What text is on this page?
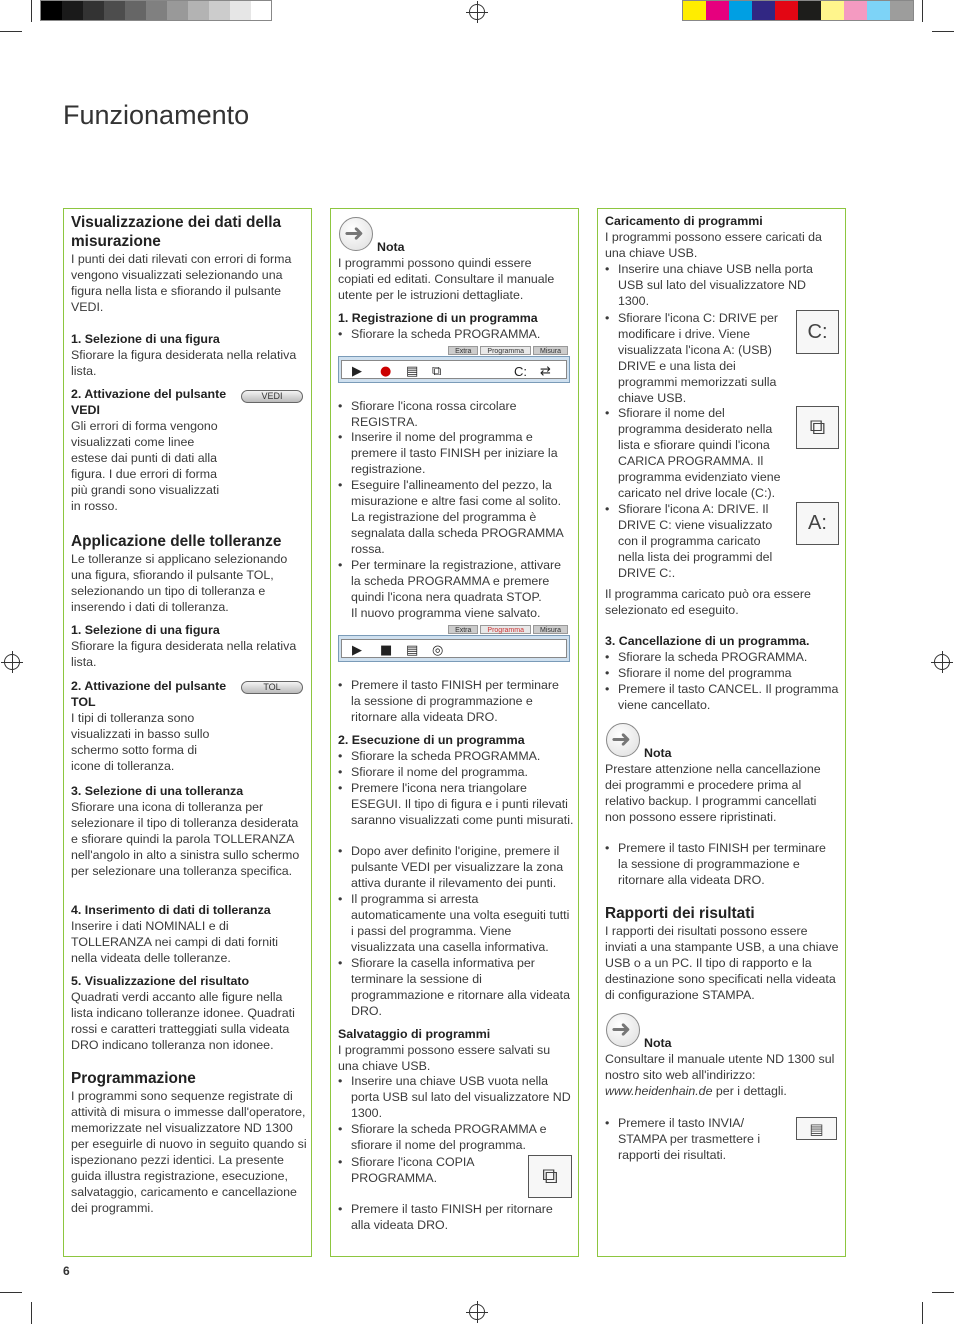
Funzionamento
Visualizzazione dei dati della misurazione
I punti dei dati rilevati con errori di forma vengono visualizzati selezionando una figura nella lista e sfiorando il pulsante VEDI.
1. Selezione di una figura
Sfiorare la figura desiderata nella relativa lista.
2. Attivazione del pulsante VEDI
VEDI
Gli errori di forma vengono visualizzati come linee estese dai punti di dati alla figura. I due errori di forma più grandi sono visualizzati in rosso.
Applicazione delle tolleranze
Le tolleranze si applicano selezionando una figura, sfiorando il pulsante TOL, selezionando un tipo di tolleranza e inserendo i dati di tolleranza.
1. Selezione di una figura
Sfiorare la figura desiderata nella relativa lista.
2. Attivazione del pulsante TOL
TOL
I tipi di tolleranza sono visualizzati in basso sullo schermo sotto forma di icone di tolleranza.
3. Selezione di una tolleranza
Sfiorare una icona di tolleranza per selezionare il tipo di tolleranza desiderata e sfiorare quindi la parola TOLLERANZA nell'angolo in alto a sinistra sullo schermo per selezionare una tolleranza specifica.
4. Inserimento di dati di tolleranza
Inserire i dati NOMINALI e di TOLLERANZA nei campi di dati forniti nella videata delle tolleranze.
5. Visualizzazione del risultato
Quadrati verdi accanto alle figure nella lista indicano tolleranze idonee. Quadrati rossi e caratteri tratteggiati sulla videata DRO indicano tolleranza non idonee.
Programmazione
I programmi sono sequenze registrate di attività di misura o immesse dall'operatore, memorizzate nel visualizzatore ND 1300 per eseguirle di nuovo in seguito quando si ispezionano pezzi identici. La presente guida illustra registrazione, esecuzione, salvataggio, caricamento e cancellazione dei programmi.
➜
Nota
I programmi possono quindi essere copiati ed editati. Consultare il manuale utente per le istruzioni dettagliate.
1. Registrazione di un programma
• Sfiorare la scheda PROGRAMMA.
Extra	Programma	Misura
▶ ● ▤ ⧉	C: ⇄
• Sfiorare l'icona rossa circolare REGISTRA.
• Inserire il nome del programma e premere il tasto FINISH per iniziare la registrazione.
• Eseguire l'allineamento del pezzo, la misurazione e altre fasi come al solito. La registrazione del programma è segnalata dalla scheda PROGRAMMA rossa.
• Per terminare la registrazione, attivare la scheda PROGRAMMA e premere quindi l'icona nera quadrata STOP.
Il nuovo programma viene salvato.
Extra	Programma	Misura
▶ ■ ▤ ◎
• Premere il tasto FINISH per terminare la sessione di programmazione e ritornare alla videata DRO.
2. Esecuzione di un programma
• Sfiorare la scheda PROGRAMMA.
• Sfiorare il nome del programma.
• Premere l'icona nera triangolare ESEGUI. Il tipo di figura e i punti rilevati saranno visualizzati come punti misurati.
• Dopo aver definito l'origine, premere il pulsante VEDI per visualizzare la zona attiva durante il rilevamento dei punti.
• Il programma si arresta automaticamente una volta eseguiti tutti i passi del programma. Viene visualizzata una casella informativa.
• Sfiorare la casella informativa per terminare la sessione di programmazione e ritornare alla videata DRO.
Salvataggio di programmi
I programmi possono essere salvati su una chiave USB.
• Inserire una chiave USB vuota nella porta USB sul lato del visualizzatore ND 1300.
• Sfiorare la scheda PROGRAMMA e sfiorare il nome del programma.
• Sfiorare l'icona COPIA PROGRAMMA.	⧉
• Premere il tasto FINISH per ritornare alla videata DRO.
Caricamento di programmi
I programmi possono essere caricati da una chiave USB.
• Inserire una chiave USB nella porta USB sul lato del visualizzatore ND 1300.
• Sfiorare l'icona C: DRIVE per modificare i drive. Viene visualizzata l'icona A: (USB) DRIVE e una lista dei programmi memorizzati sulla chiave USB.
C:
• Sfiorare il nome del programma desiderato nella lista e sfiorare quindi l'icona CARICA PROGRAMMA. Il programma evidenziato viene caricato nel drive locale (C:).
⧉
• Sfiorare l'icona A: DRIVE. Il DRIVE C: viene visualizzato con il programma caricato nella lista dei programmi del DRIVE C:.
A:
Il programma caricato può ora essere selezionato ed eseguito.
3. Cancellazione di un programma.
• Sfiorare la scheda PROGRAMMA.
• Sfiorare il nome del programma
• Premere il tasto CANCEL. Il programma viene cancellato.
➜
Nota
Prestare attenzione nella cancellazione dei programmi e procedere prima al relativo backup. I programmi cancellati non possono essere ripristinati.
• Premere il tasto FINISH per terminare la sessione di programmazione e ritornare alla videata DRO.
Rapporti dei risultati
I rapporti dei risultati possono essere inviati a una stampante USB, a una chiave USB o a un PC. Il tipo di rapporto e la destinazione sono specificati nella videata di configurazione STAMPA.
➜
Nota
Consultare il manuale utente ND 1300 sul nostro sito web all'indirizzo: www.heidenhain.de per i dettagli.
• Premere il tasto INVIA/ STAMPA per trasmettere i rapporti dei risultati.
▤
6
